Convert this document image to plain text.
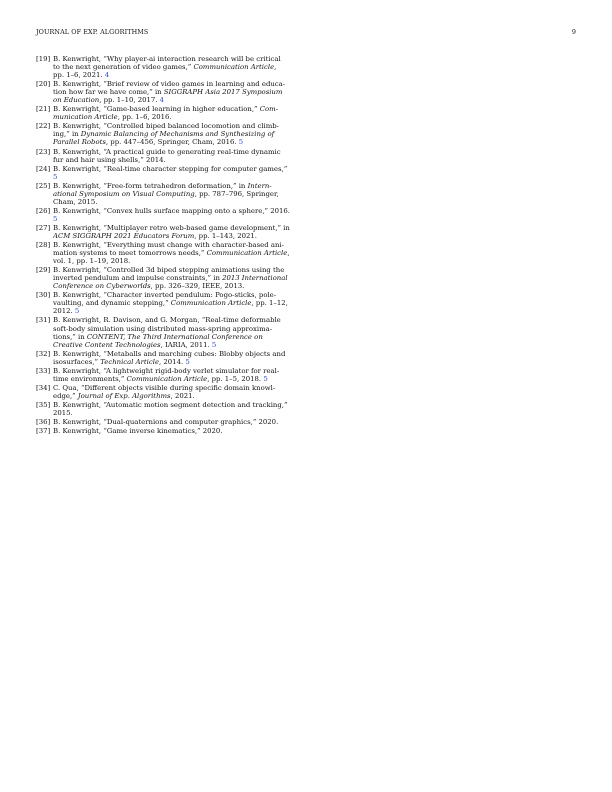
JOURNAL OF EXP. ALGORITHMS	9
[19] B. Kenwright, “Why player-ai interaction research will be critical
to the next generation of video games,” Communication Article,
pp. 1–6, 2021. 4
[20] B. Kenwright, “Brief review of video games in learning and educa-
tion how far we have come,” in SIGGRAPH Asia 2017 Symposium
on Education, pp. 1–10, 2017. 4
[21] B. Kenwright, “Game-based learning in higher education,” Com-
munication Article, pp. 1–6, 2016.
[22] B. Kenwright, “Controlled biped balanced locomotion and climb-
ing,” in Dynamic Balancing of Mechanisms and Synthesizing of
Parallel Robots, pp. 447–456, Springer, Cham, 2016. 5
[23] B. Kenwright, “A practical guide to generating real-time dynamic
fur and hair using shells,” 2014.
[24] B. Kenwright, “Real-time character stepping for computer games,”
5
[25] B. Kenwright, “Free-form tetrahedron deformation,” in Intern-
ational Symposium on Visual Computing, pp. 787–796, Springer,
Cham, 2015.
[26] B. Kenwright, “Convex hulls surface mapping onto a sphere,” 2016.
5
[27] B. Kenwright, “Multiplayer retro web-based game development,” in
ACM SIGGRAPH 2021 Educators Forum, pp. 1–143, 2021.
[28] B. Kenwright, “Everything must change with character-based ani-
mation systems to meet tomorrows needs,” Communication Article,
vol. 1, pp. 1–19, 2018.
[29] B. Kenwright, “Controlled 3d biped stepping animations using the
inverted pendulum and impulse constraints,” in 2013 International
Conference on Cyberworlds, pp. 326–329, IEEE, 2013.
[30] B. Kenwright, “Character inverted pendulum: Pogo-sticks, pole-
vaulting, and dynamic stepping,” Communication Article, pp. 1–12,
2012. 5
[31] B. Kenwright, R. Davison, and G. Morgan, “Real-time deformable
soft-body simulation using distributed mass-spring approxima-
tions,” in CONTENT, The Third International Conference on
Creative Content Technologies, IARIA, 2011. 5
[32] B. Kenwright, “Metaballs and marching cubes: Blobby objects and
isosurfaces,” Technical Article, 2014. 5
[33] B. Kenwright, “A lightweight rigid-body verlet simulator for real-
time environments,” Communication Article, pp. 1–5, 2018. 5
[34] C. Qua, “Different objects visible during specific domain knowl-
edge,” Journal of Exp. Algorithms, 2021.
[35] B. Kenwright, “Automatic motion segment detection and tracking,”
2015.
[36] B. Kenwright, “Dual-quaternions and computer graphics,” 2020.
[37] B. Kenwright, “Game inverse kinematics,” 2020.
